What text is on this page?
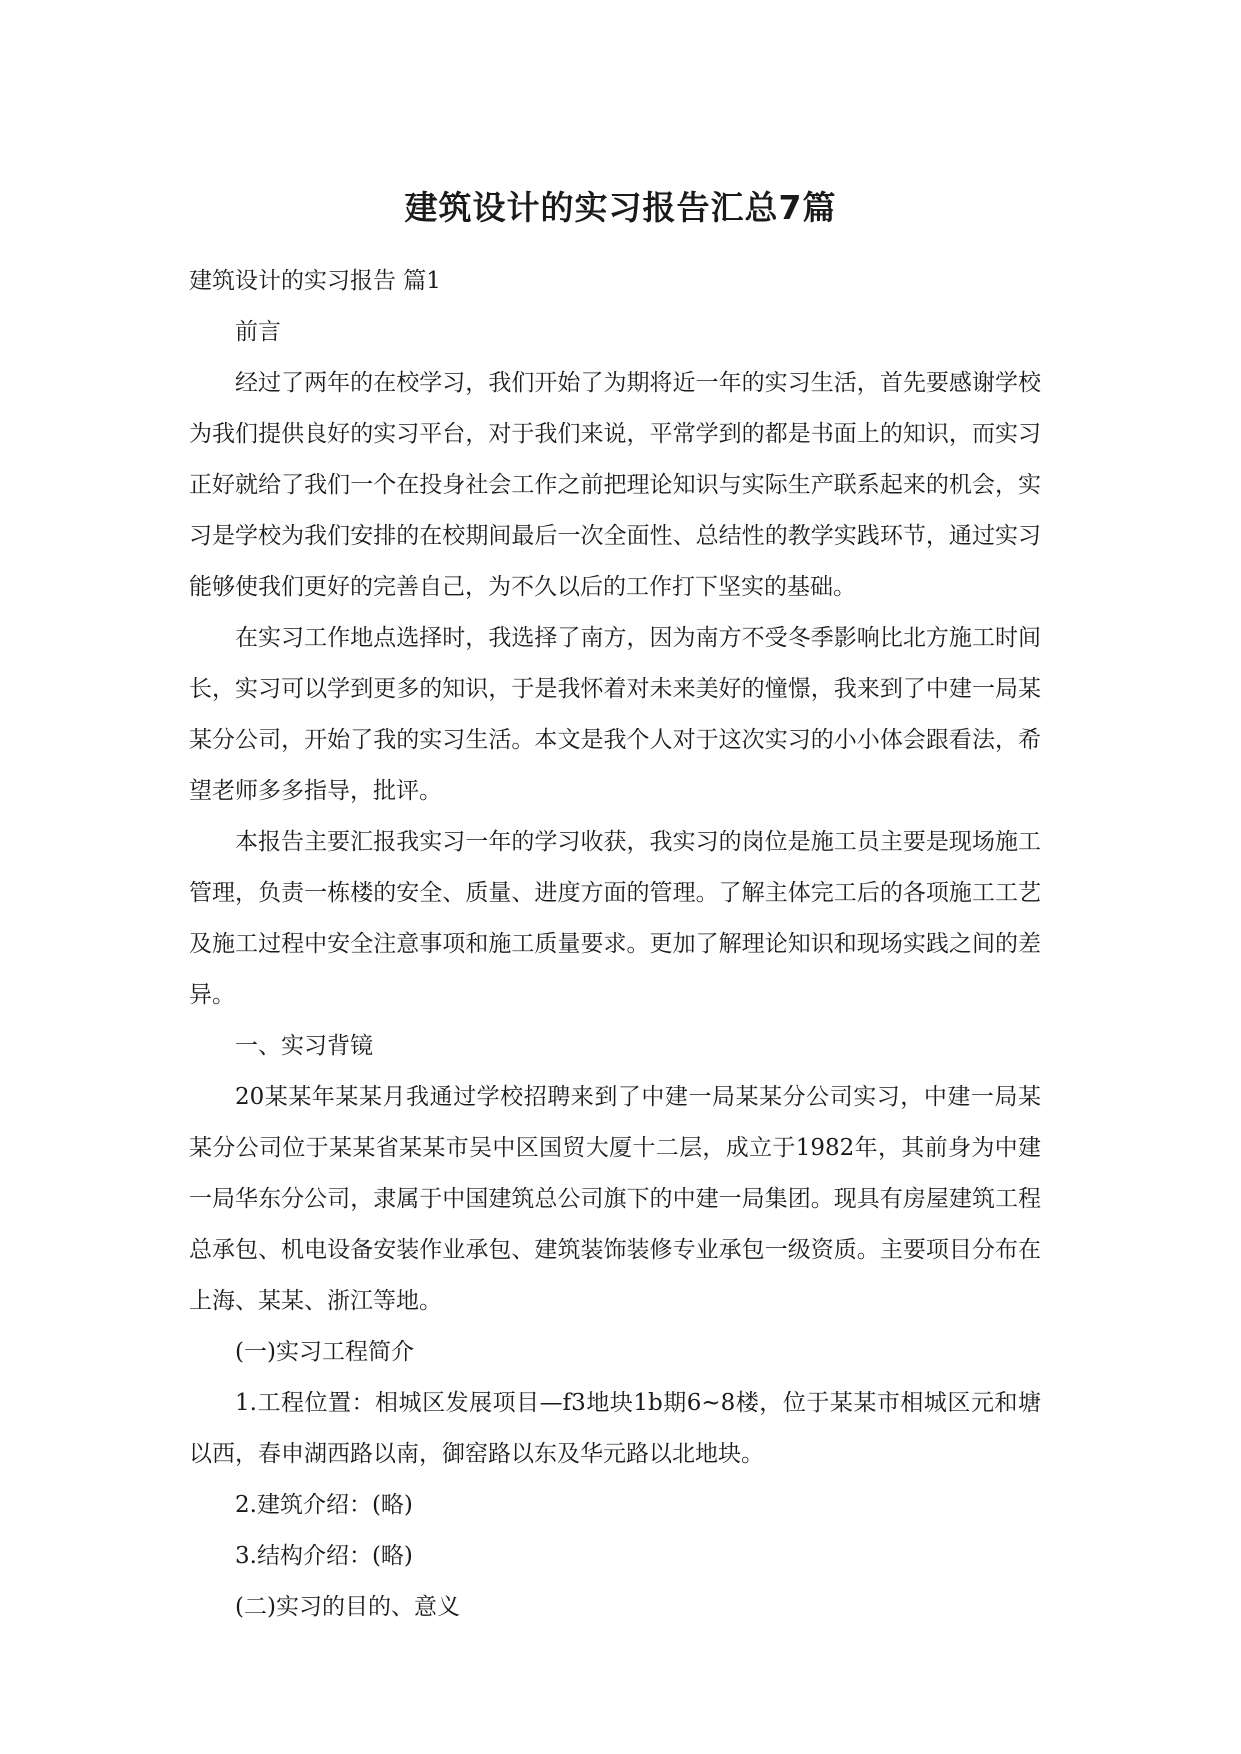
建筑设计的实习报告汇总7篇

建筑设计的实习报告 篇1

前言

经过了两年的在校学习，我们开始了为期将近一年的实习生活，首先要感谢学校为我们提供良好的实习平台，对于我们来说，平常学到的都是书面上的知识，而实习正好就给了我们一个在投身社会工作之前把理论知识与实际生产联系起来的机会，实习是学校为我们安排的在校期间最后一次全面性、总结性的教学实践环节，通过实习能够使我们更好的完善自己，为不久以后的工作打下坚实的基础。

在实习工作地点选择时，我选择了南方，因为南方不受冬季影响比北方施工时间长，实习可以学到更多的知识，于是我怀着对未来美好的憧憬，我来到了中建一局某某分公司，开始了我的实习生活。本文是我个人对于这次实习的小小体会跟看法，希望老师多多指导，批评。

本报告主要汇报我实习一年的学习收获，我实习的岗位是施工员主要是现场施工管理，负责一栋楼的安全、质量、进度方面的管理。了解主体完工后的各项施工工艺及施工过程中安全注意事项和施工质量要求。更加了解理论知识和现场实践之间的差异。

一、实习背镜

20某某年某某月我通过学校招聘来到了中建一局某某分公司实习，中建一局某某分公司位于某某省某某市吴中区国贸大厦十二层，成立于1982年，其前身为中建一局华东分公司，隶属于中国建筑总公司旗下的中建一局集团。现具有房屋建筑工程总承包、机电设备安装作业承包、建筑装饰装修专业承包一级资质。主要项目分布在上海、某某、浙江等地。

(一)实习工程简介

1.工程位置：相城区发展项目—f3地块1b期6~8楼，位于某某市相城区元和塘以西，春申湖西路以南，御窑路以东及华元路以北地块。

2.建筑介绍：(略)

3.结构介绍：(略)

(二)实习的目的、意义
